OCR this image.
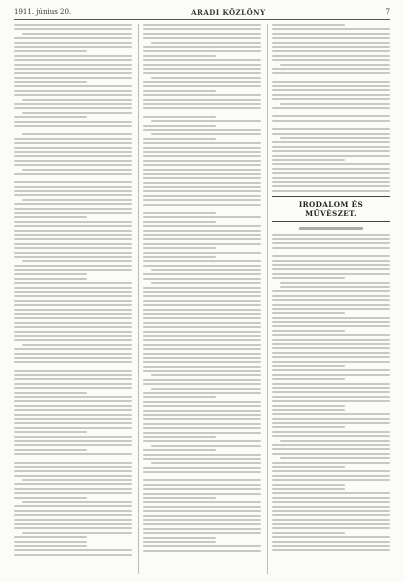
1911. június 20.	ARADI KÖZLÖNY	7
IRODALOM ÉS MŰVÉSZET.
